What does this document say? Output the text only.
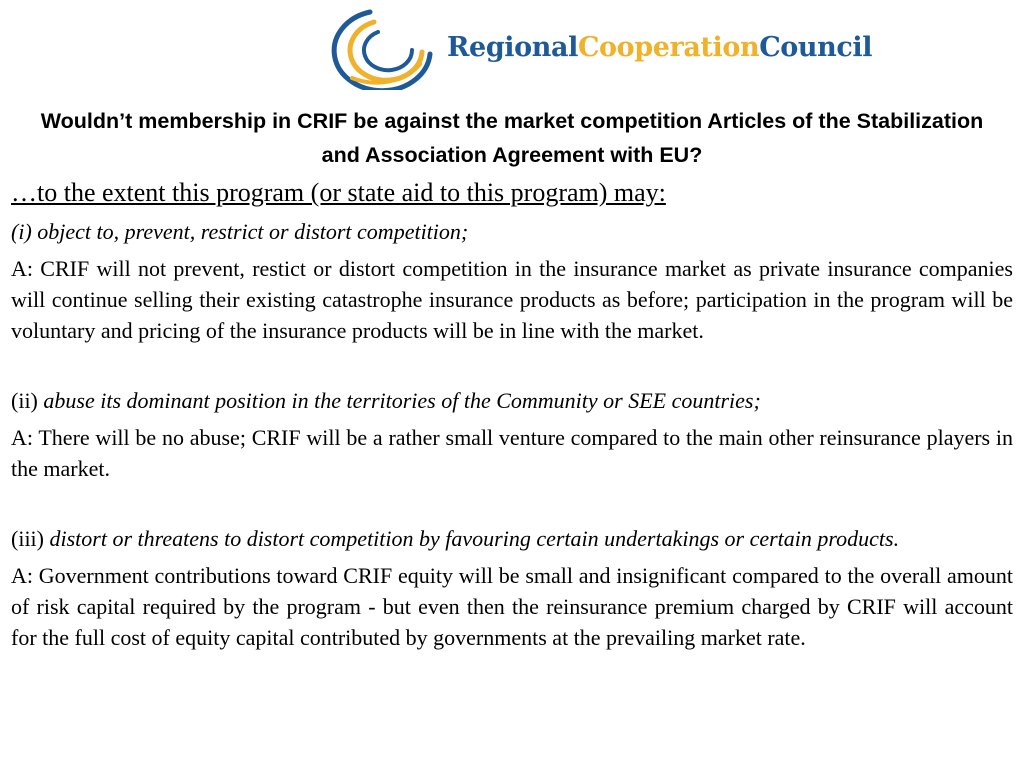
RegionalCooperationCouncil
Wouldn’t membership in CRIF be against the market competition Articles of the Stabilization and Association Agreement with EU?

…to the extent this program (or state aid to this program) may:

(i) object to, prevent, restrict or distort competition;

A: CRIF will not prevent, restict or distort competition in the insurance market as private insurance companies will continue selling their existing catastrophe insurance products as before; participation in the program will be voluntary and pricing of the insurance products will be in line with the market.

(ii) abuse its dominant position in the territories of the Community or SEE countries;

A: There will be no abuse; CRIF will be a rather small venture compared to the main other reinsurance players in the market.

(iii) distort or threatens to distort competition by favouring certain undertakings or certain products.

A: Government contributions toward CRIF equity will be small and insignificant compared to the overall amount of risk capital required by the program - but even then the reinsurance premium charged by CRIF will account for the full cost of equity capital contributed by governments at the prevailing market rate.
